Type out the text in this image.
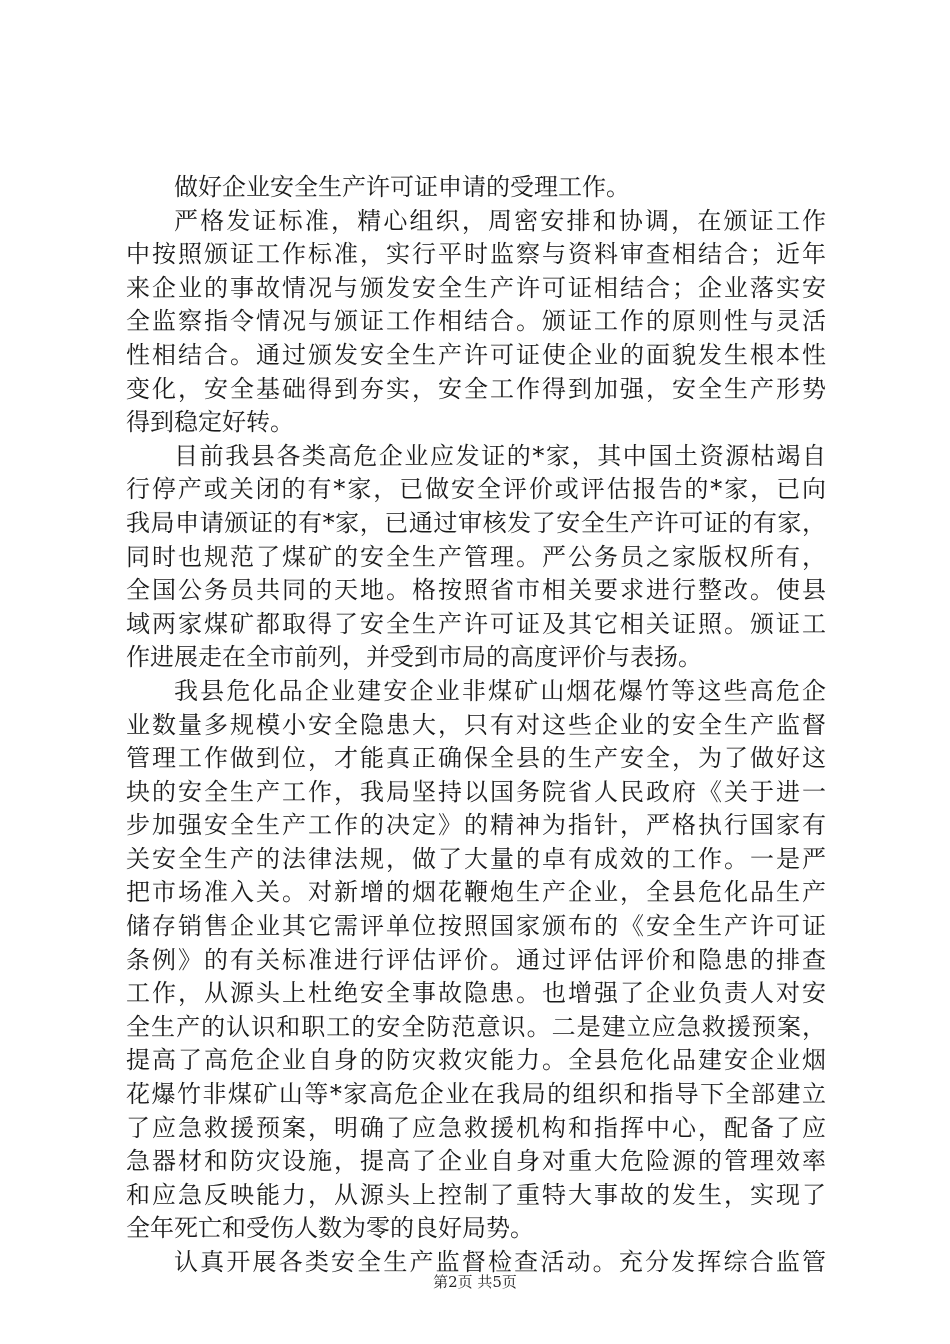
做好企业安全生产许可证申请的受理工作。
严格发证标准，精心组织，周密安排和协调，在颁证工作
中按照颁证工作标准，实行平时监察与资料审查相结合；近年
来企业的事故情况与颁发安全生产许可证相结合；企业落实安
全监察指令情况与颁证工作相结合。颁证工作的原则性与灵活
性相结合。通过颁发安全生产许可证使企业的面貌发生根本性
变化，安全基础得到夯实，安全工作得到加强，安全生产形势
得到稳定好转。
目前我县各类高危企业应发证的*家，其中国土资源枯竭自
行停产或关闭的有*家，已做安全评价或评估报告的*家，已向
我局申请颁证的有*家，已通过审核发了安全生产许可证的有家，
同时也规范了煤矿的安全生产管理。严公务员之家版权所有，
全国公务员共同的天地。格按照省市相关要求进行整改。使县
域两家煤矿都取得了安全生产许可证及其它相关证照。颁证工
作进展走在全市前列，并受到市局的高度评价与表扬。
我县危化品企业建安企业非煤矿山烟花爆竹等这些高危企
业数量多规模小安全隐患大，只有对这些企业的安全生产监督
管理工作做到位，才能真正确保全县的生产安全，为了做好这
块的安全生产工作，我局坚持以国务院省人民政府《关于进一
步加强安全生产工作的决定》的精神为指针，严格执行国家有
关安全生产的法律法规，做了大量的卓有成效的工作。一是严
把市场准入关。对新增的烟花鞭炮生产企业，全县危化品生产
储存销售企业其它需评单位按照国家颁布的《安全生产许可证
条例》的有关标准进行评估评价。通过评估评价和隐患的排查
工作，从源头上杜绝安全事故隐患。也增强了企业负责人对安
全生产的认识和职工的安全防范意识。二是建立应急救援预案，
提高了高危企业自身的防灾救灾能力。全县危化品建安企业烟
花爆竹非煤矿山等*家高危企业在我局的组织和指导下全部建立
了应急救援预案，明确了应急救援机构和指挥中心，配备了应
急器材和防灾设施，提高了企业自身对重大危险源的管理效率
和应急反映能力，从源头上控制了重特大事故的发生，实现了
全年死亡和受伤人数为零的良好局势。
认真开展各类安全生产监督检查活动。充分发挥综合监管
第2页 共5页
